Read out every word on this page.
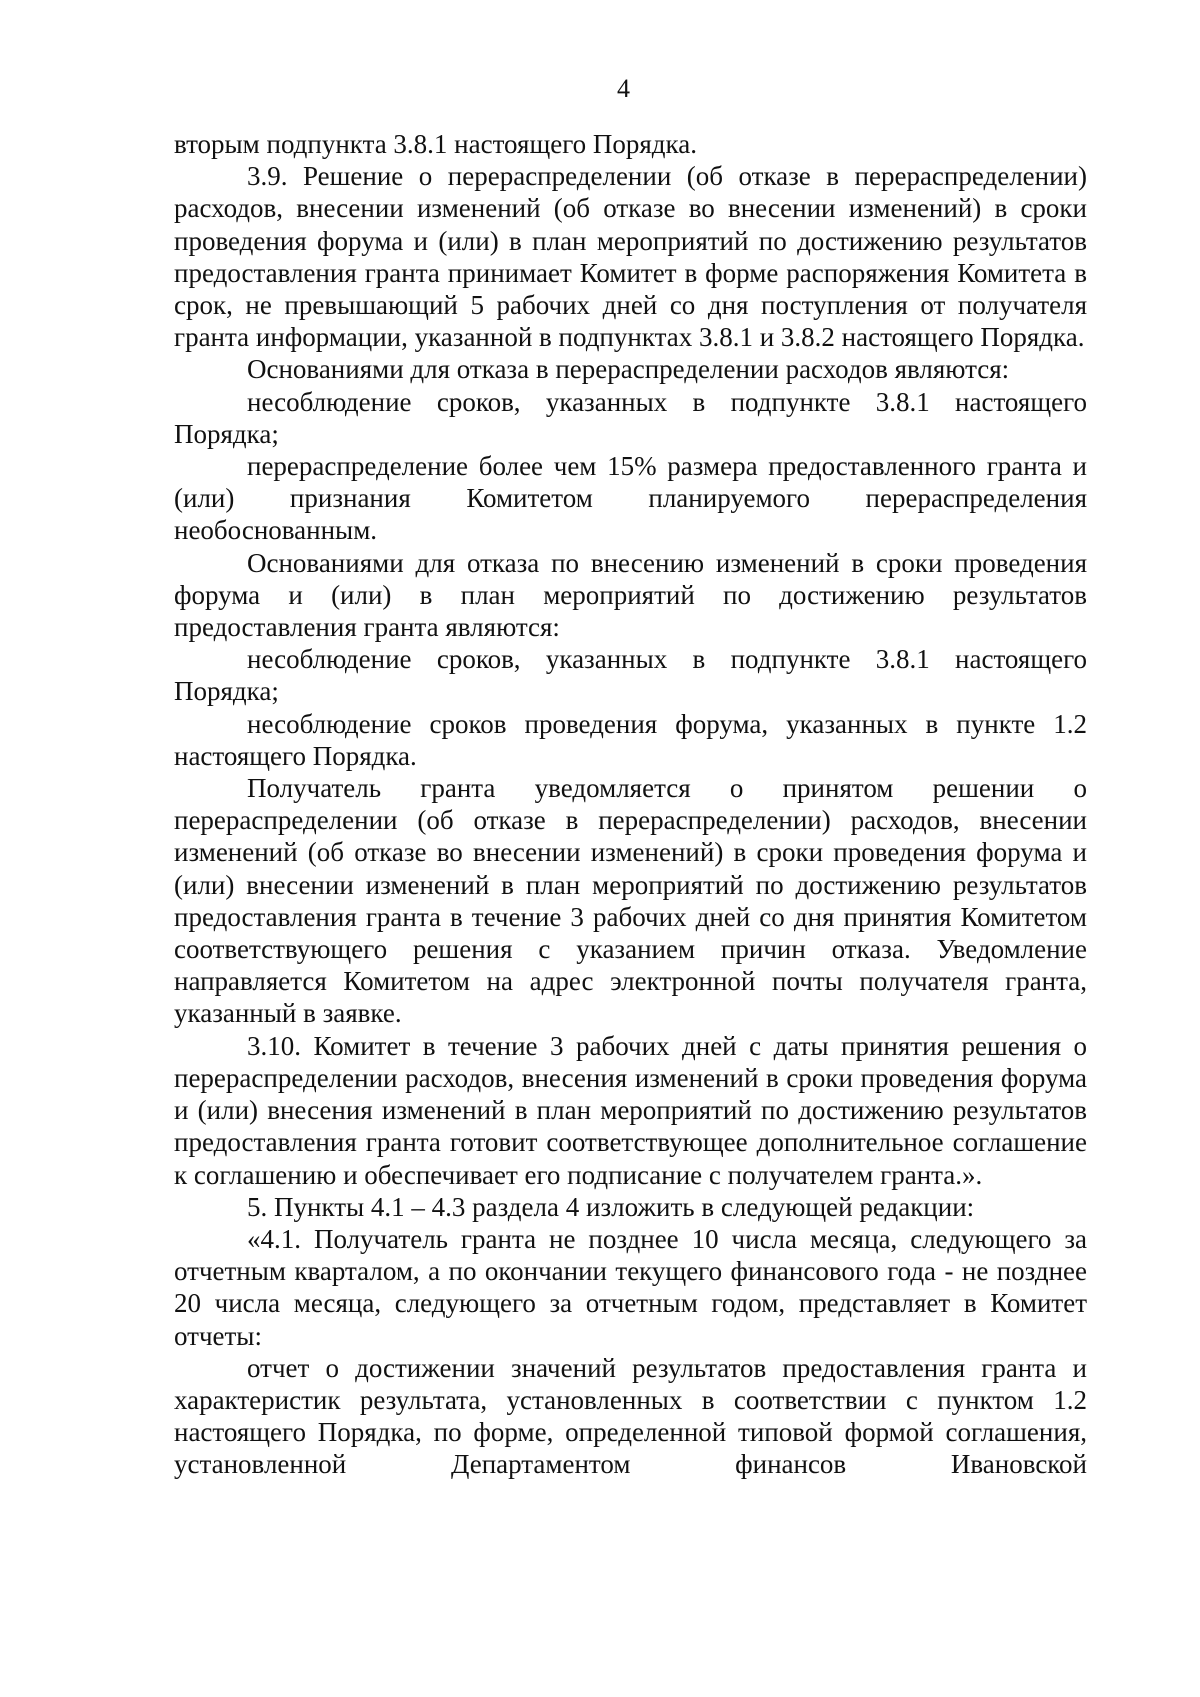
4

вторым подпункта 3.8.1 настоящего Порядка.

3.9. Решение о перераспределении (об отказе в перераспределении) расходов, внесении изменений (об отказе во внесении изменений) в сроки проведения форума и (или) в план мероприятий по достижению результатов предоставления гранта принимает Комитет в форме распоряжения Комитета в срок, не превышающий 5 рабочих дней со дня поступления от получателя гранта информации, указанной в подпунктах 3.8.1 и 3.8.2 настоящего Порядка.

Основаниями для отказа в перераспределении расходов являются:

несоблюдение сроков, указанных в подпункте 3.8.1 настоящего Порядка;

перераспределение более чем 15% размера предоставленного гранта и (или) признания Комитетом планируемого перераспределения необоснованным.

Основаниями для отказа по внесению изменений в сроки проведения форума и (или) в план мероприятий по достижению результатов предоставления гранта являются:

несоблюдение сроков, указанных в подпункте 3.8.1 настоящего Порядка;

несоблюдение сроков проведения форума, указанных в пункте 1.2 настоящего Порядка.

Получатель гранта уведомляется о принятом решении о перераспределении (об отказе в перераспределении) расходов, внесении изменений (об отказе во внесении изменений) в сроки проведения форума и (или) внесении изменений в план мероприятий по достижению результатов предоставления гранта в течение 3 рабочих дней со дня принятия Комитетом соответствующего решения с указанием причин отказа. Уведомление направляется Комитетом на адрес электронной почты получателя гранта, указанный в заявке.

3.10. Комитет в течение 3 рабочих дней с даты принятия решения о перераспределении расходов, внесения изменений в сроки проведения форума и (или) внесения изменений в план мероприятий по достижению результатов предоставления гранта готовит соответствующее дополнительное соглашение к соглашению и обеспечивает его подписание с получателем гранта.».

5. Пункты 4.1 – 4.3 раздела 4 изложить в следующей редакции:

«4.1. Получатель гранта не позднее 10 числа месяца, следующего за отчетным кварталом, а по окончании текущего финансового года - не позднее 20 числа месяца, следующего за отчетным годом, представляет в Комитет отчеты:

отчет о достижении значений результатов предоставления гранта и характеристик результата, установленных в соответствии с пунктом 1.2 настоящего Порядка, по форме, определенной типовой формой соглашения, установленной Департаментом финансов Ивановской
